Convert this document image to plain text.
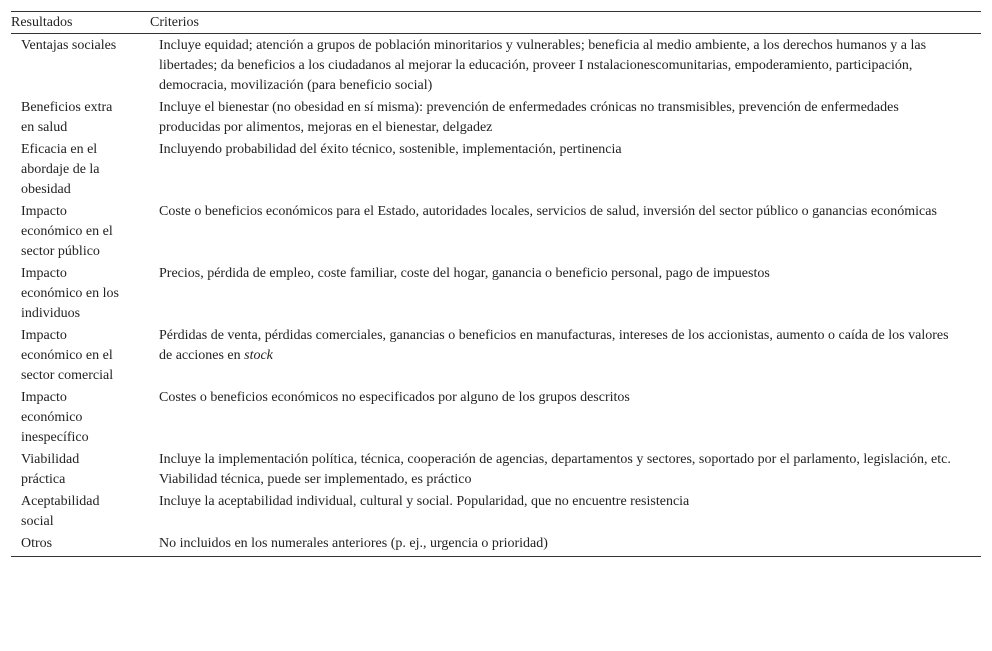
Resultados	Criterios
Ventajas sociales	Incluye equidad; atención a grupos de población minoritarios y vulnerables; beneficia al medio ambiente, a los derechos humanos y a las libertades; da beneficios a los ciudadanos al mejorar la educación, proveer I nstalacionescomunitarias, empoderamiento, participación, democracia, movilización (para beneficio social)
Beneficios extra en salud	Incluye el bienestar (no obesidad en sí misma): prevención de enfermedades crónicas no transmisibles, prevención de enfermedades producidas por alimentos, mejoras en el bienestar, delgadez
Eficacia en el abordaje de la obesidad	Incluyendo probabilidad del éxito técnico, sostenible, implementación, pertinencia
Impacto económico en el sector público	Coste o beneficios económicos para el Estado, autoridades locales, servicios de salud, inversión del sector público o ganancias económicas
Impacto económico en los individuos	Precios, pérdida de empleo, coste familiar, coste del hogar, ganancia o beneficio personal, pago de impuestos
Impacto económico en el sector comercial	Pérdidas de venta, pérdidas comerciales, ganancias o beneficios en manufacturas, intereses de los accionistas, aumento o caída de los valores de acciones en stock
Impacto económico inespecífico	Costes o beneficios económicos no especificados por alguno de los grupos descritos
Viabilidad práctica	Incluye la implementación política, técnica, cooperación de agencias, departamentos y sectores, soportado por el parlamento, legislación, etc. Viabilidad técnica, puede ser implementado, es práctico
Aceptabilidad social	Incluye la aceptabilidad individual, cultural y social. Popularidad, que no encuentre resistencia
Otros	No incluidos en los numerales anteriores (p. ej., urgencia o prioridad)
